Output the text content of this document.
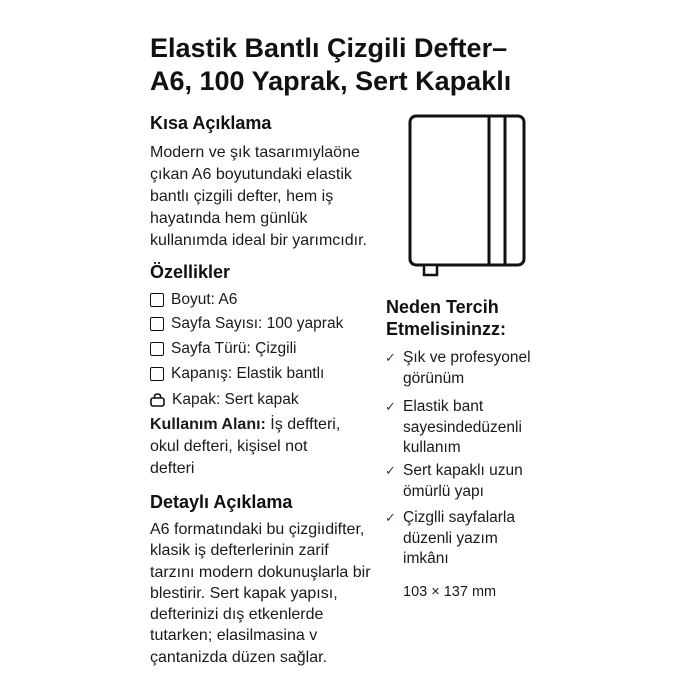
Elastik Bantlı Çizgili Defter–
A6, 100 Yaprak, Sert Kapaklı
Kısa Açıklama
Modern ve şık tasarımıylaöne
çıkan A6 boyutundaki elastik
bantlı çizgili defter, hem iş
hayatında hem günlük
kullanımda ideal bir yarımcıdır.
Özellikler
Boyut: A6
Sayfa Sayısı: 100 yaprak
Sayfa Türü: Çizgili
Kapanış: Elastik bantlı
Kapak: Sert kapak
Kullanım Alanı: İş deffteri,
okul defteri, kişisel not
defteri
Detaylı Açıklama
A6 formatındaki bu çizgiıdifter,
klasik iş defterlerinin zarif
tarzını modern dokunuşlarla bir
blestirir. Sert kapak yapısı,
defterinizi dış etkenlerde
tutarken; elasilmasina v
çantanizda düzen sağlar.
Neden Tercih
Etmelisininzz:
✓ Şık ve profesyonel
görünüm
✓ Elastik bant
sayesindedüzenli
kullanım
✓ Sert kapaklı uzun
ömürlü yapı
✓ Çizglli sayfalarla
düzenli yazım
imkânı
103 × 137 mm
